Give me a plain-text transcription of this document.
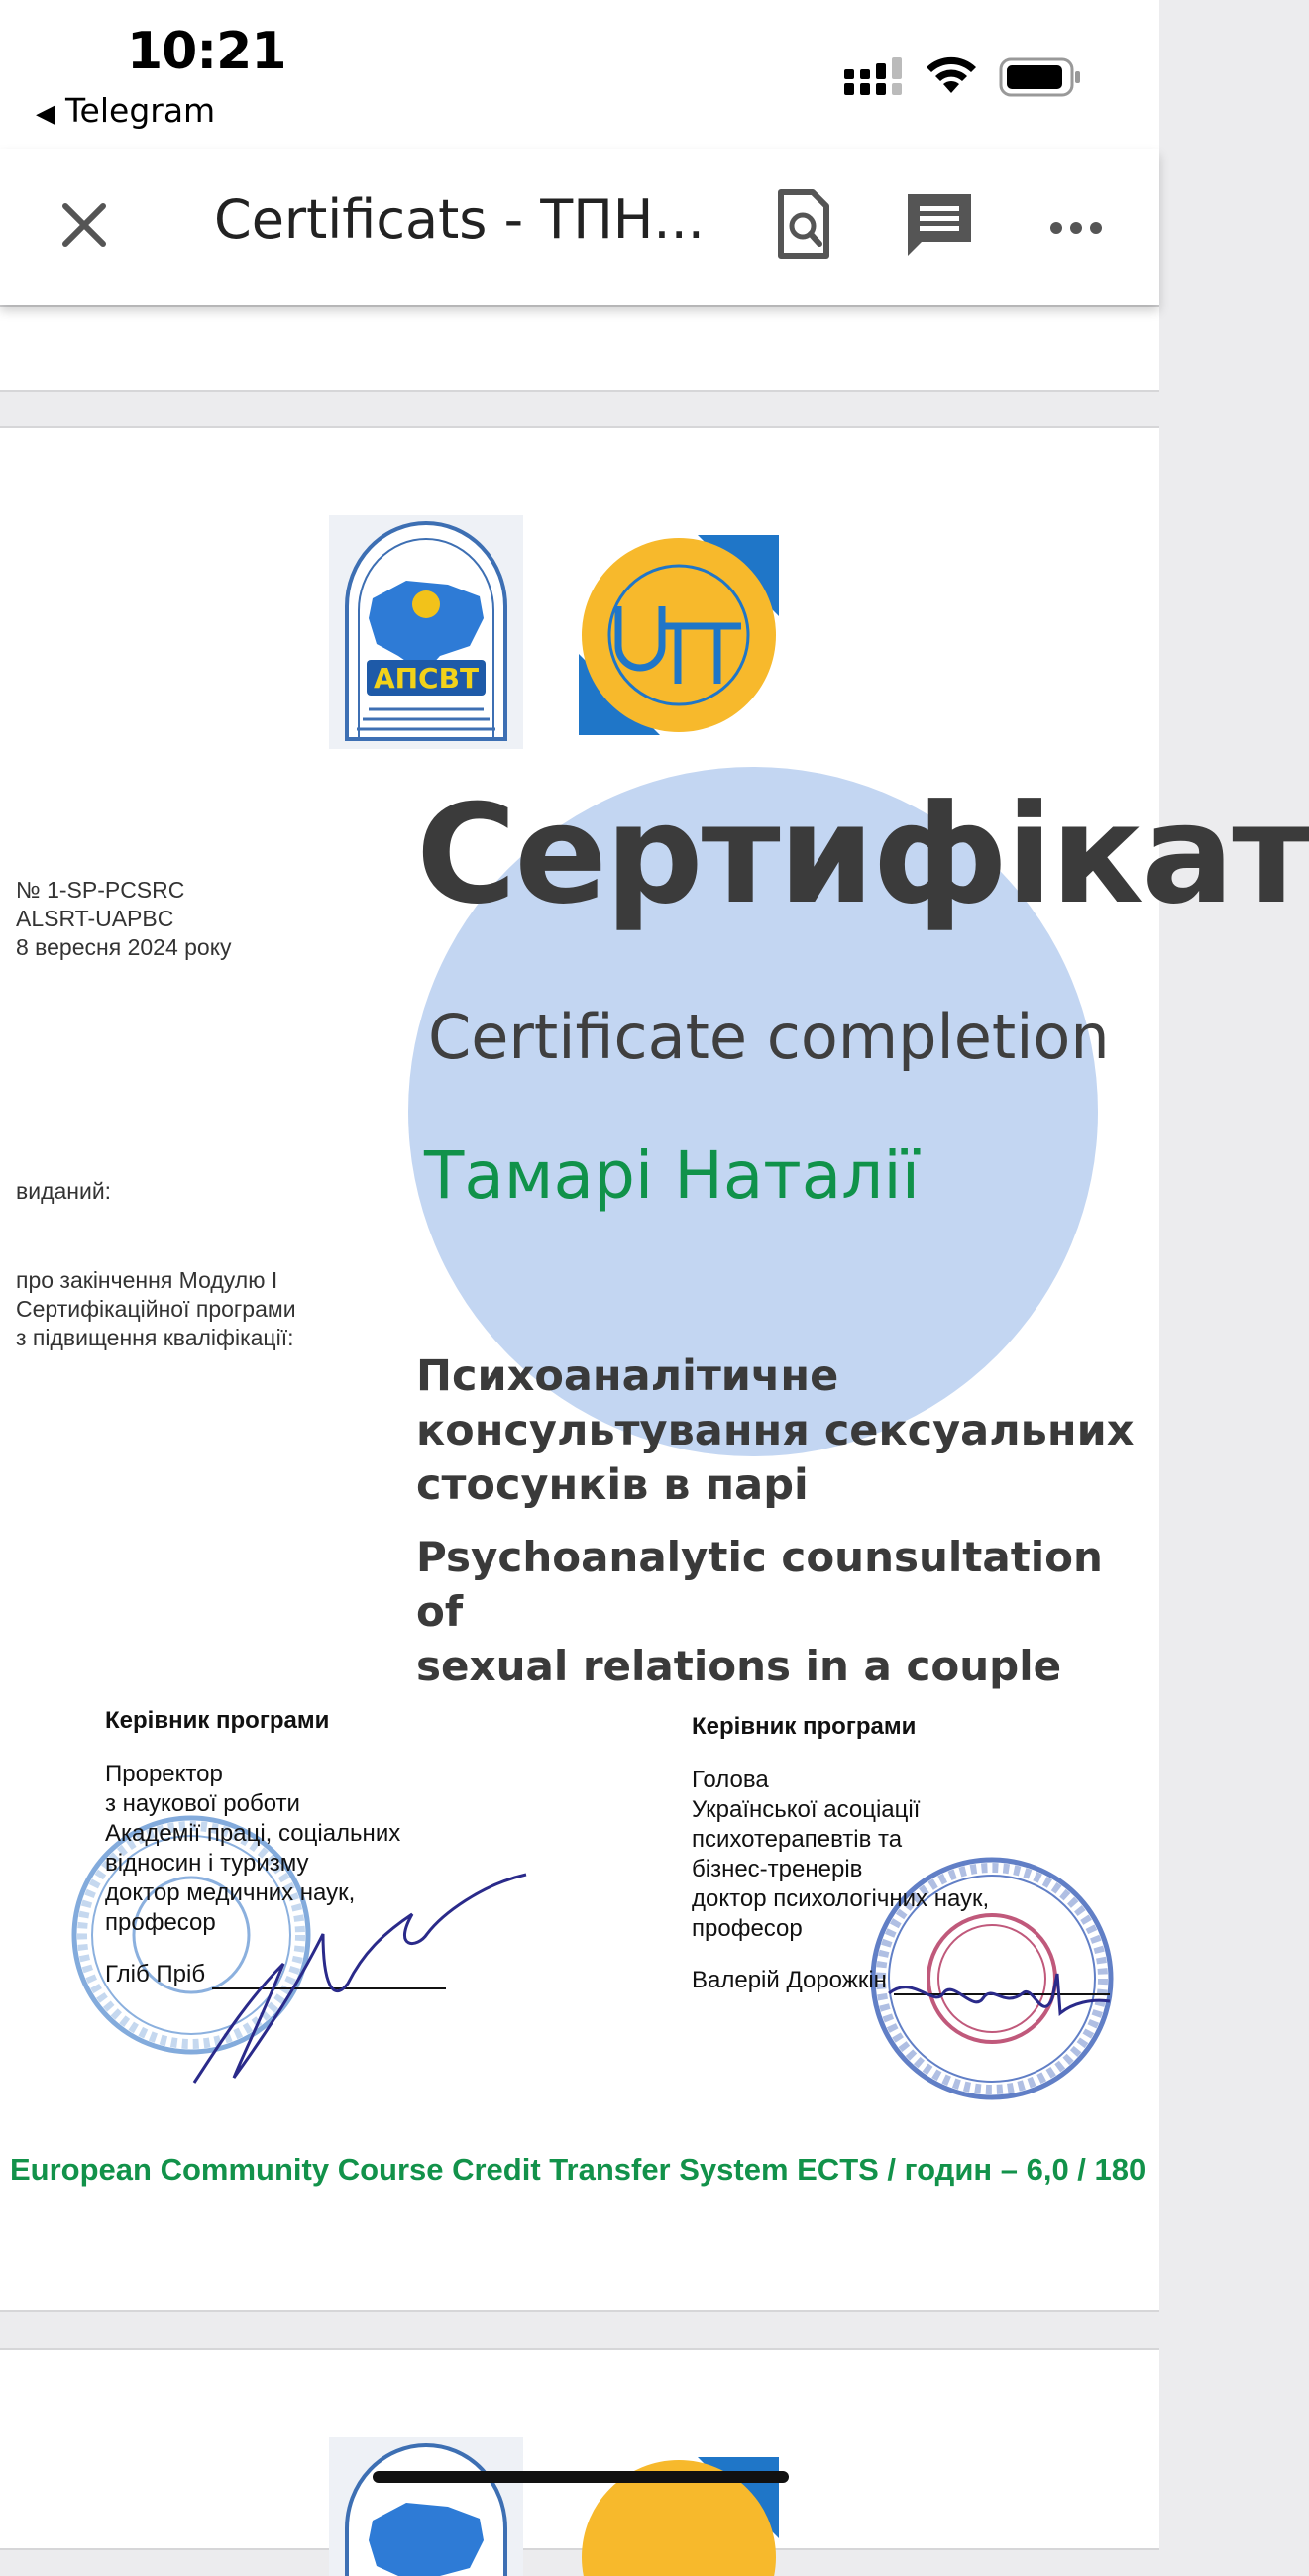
10:21
◀ Telegram
Certificats - ТПН...
АПСВТ
UAPT
Сертифікат
Certificate completion
Тамарі Наталії
№ 1-SP-PCSRC
ALSRT-UAPBC
8 вересня 2024 року
виданий:
про закінчення Модулю І
Сертифікаційної програми
з підвищення кваліфікації:
Психоаналітичне
консультування сексуальних
стосунків в парі
Psychoanalytic counsultation of
sexual relations in a couple
Керівник програми
Проректор
з наукової роботи
Академії праці, соціальних
відносин і туризму
доктор медичних наук,
професор
Гліб Пріб
Керівник програми
Голова
Української асоціації
психотерапевтів та
бізнес-тренерів
доктор психологічних наук,
професор
Валерій Дорожкін
European Community Course Credit Transfer System ECTS / годин – 6,0 / 180
